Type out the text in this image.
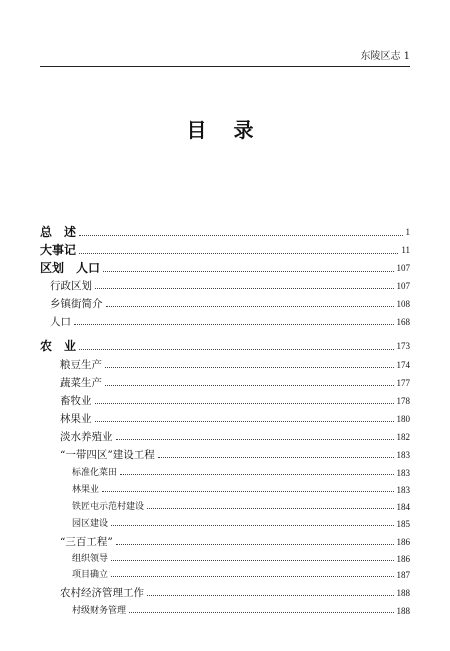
东陵区志 1
目 录
总　述	1
大事记	11
区划　人口	107
行政区划	107
乡镇街简介	108
人口	168
农　业	173
粮豆生产	174
蔬菜生产	177
畜牧业	178
林果业	180
淡水养殖业	182
“一带四区”建设工程	183
标准化菜田	183
林果业	183
铁匠屯示范村建设	184
园区建设	185
“三百工程”	186
组织领导	186
项目确立	187
农村经济管理工作	188
村级财务管理	188
